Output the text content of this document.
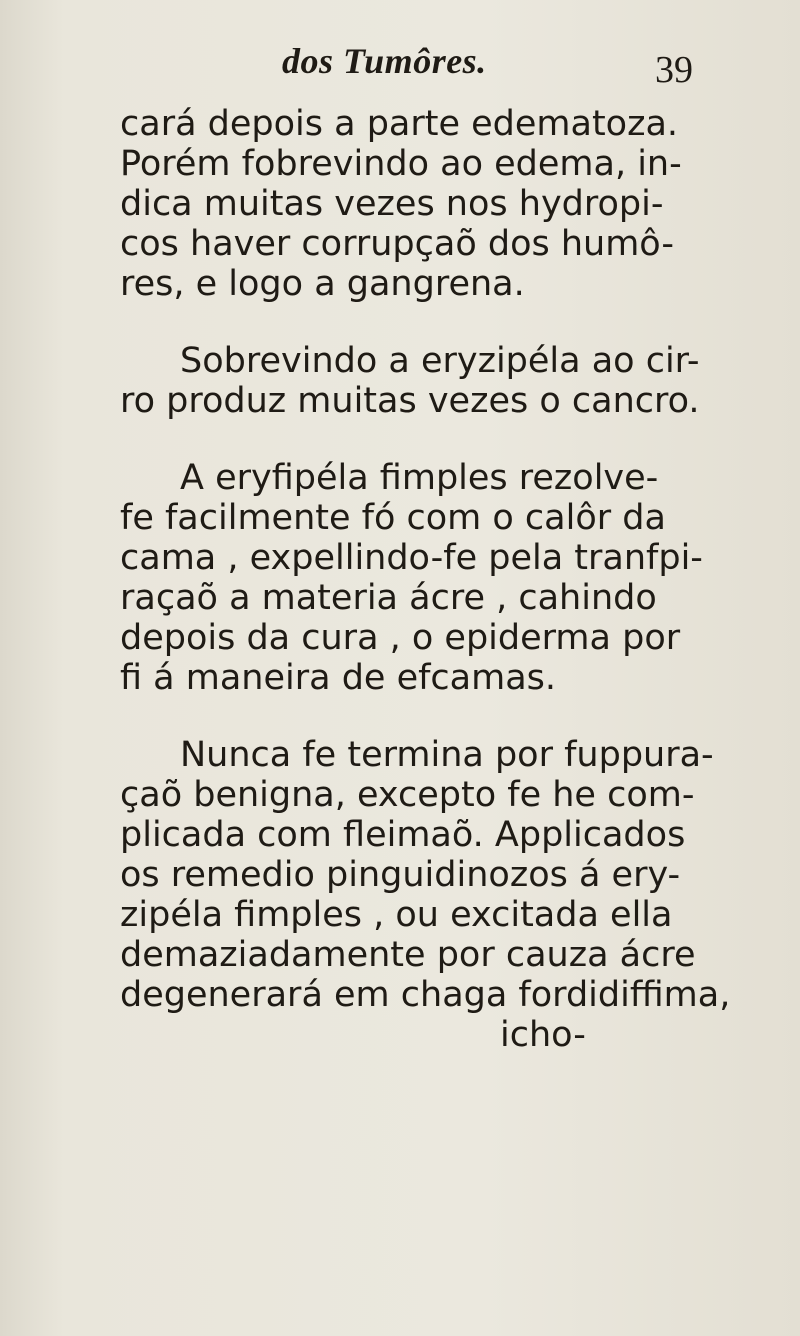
dos Tumôres.	39

cará depois a parte edematoza.
Porém fobrevindo ao edema, in-
dica muitas vezes nos hydropi-
cos haver corrupçaõ dos humô-
res, e logo a gangrena.

Sobrevindo a eryzipéla ao cir-
ro produz muitas vezes o cancro.

A eryfipéla fimples rezolve-
fe facilmente fó com o calôr da
cama , expellindo-fe pela tranfpi-
raçaõ a materia ácre , cahindo
depois da cura , o epiderma por
fi á maneira de efcamas.

Nunca fe termina por fuppura-
çaõ benigna, excepto fe he com-
plicada com fleimaõ. Applicados
os remedio pinguidinozos á ery-
zipéla fimples , ou excitada ella
demaziadamente por cauza ácre
degenerará em chaga fordidiffima,
icho-
